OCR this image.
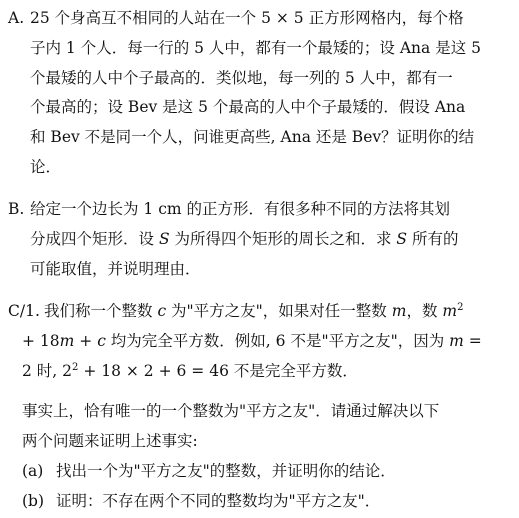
A. 25 个身高互不相同的人站在一个 5 × 5 正方形网格内，每个格
子内 1 个人．每一行的 5 人中，都有一个最矮的；设 Ana 是这 5
个最矮的人中个子最高的．类似地，每一列的 5 人中，都有一
个最高的；设 Bev 是这 5 个最高的人中个子最矮的．假设 Ana
和 Bev 不是同一个人，问谁更高些, Ana 还是 Bev？证明你的结
论．
B. 给定一个边长为 1 cm 的正方形．有很多种不同的方法将其划
分成四个矩形．设 S 为所得四个矩形的周长之和．求 S 所有的
可能取值，并说明理由．
C/1. 我们称一个整数 c 为"平方之友"，如果对任一整数 m，数 $m^2$
+ 18m + c 均为完全平方数．例如, 6 不是"平方之友"，因为 m =
2 时, $2^2 + 18 \times 2 + 6 = 46$ 不是完全平方数．
事实上，恰有唯一的一个整数为"平方之友"．请通过解决以下
两个问题来证明上述事实:
(a) 找出一个为"平方之友"的整数，并证明你的结论．
(b) 证明：不存在两个不同的整数均为"平方之友"．
